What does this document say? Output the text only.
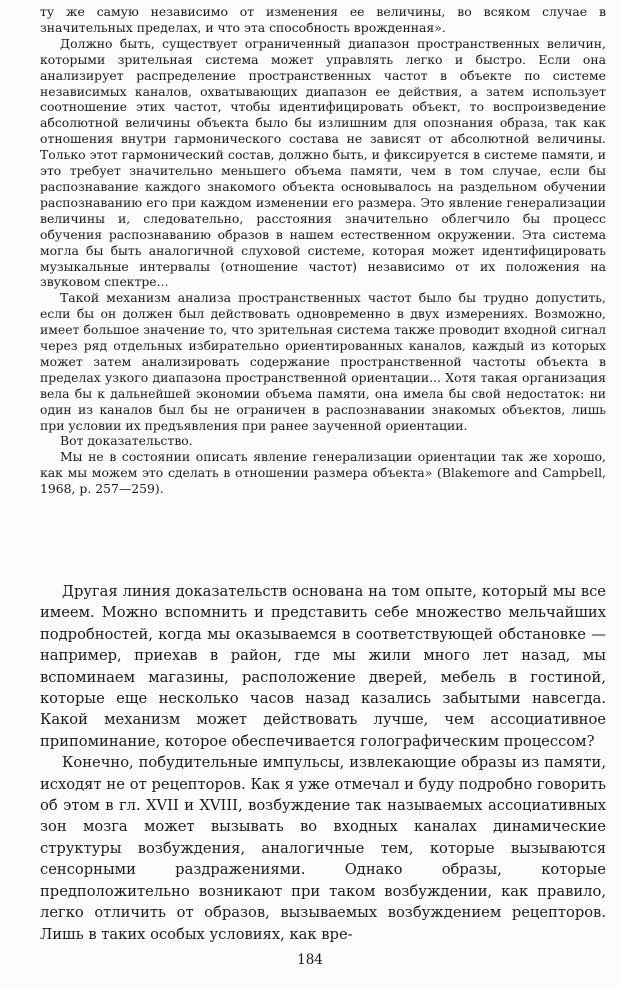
ту же самую независимо от изменения ее величины, во всяком случае в значительных пределах, и что эта способность врожденная».

Должно быть, существует ограниченный диапазон пространственных величин, которыми зрительная система может управлять легко и быстро. Если она анализирует распределение пространственных частот в объекте по системе независимых каналов, охватывающих диапазон ее действия, а затем использует соотношение этих частот, чтобы идентифицировать объект, то воспроизведение абсолютной величины объекта было бы излишним для опознания образа, так как отношения внутри гармонического состава не зависят от абсолютной величины. Только этот гармонический состав, должно быть, и фиксируется в системе памяти, и это требует значительно меньшего объема памяти, чем в том случае, если бы распознавание каждого знакомого объекта основывалось на раздельном обучении распознаванию его при каждом изменении его размера. Это явление генерализации величины и, следовательно, расстояния значительно облегчило бы процесс обучения распознаванию образов в нашем естественном окружении. Эта система могла бы быть аналогичной слуховой системе, которая может идентифицировать музыкальные интервалы (отношение частот) независимо от их положения на звуковом спектре...

Такой механизм анализа пространственных частот было бы трудно допустить, если бы он должен был действовать одновременно в двух измерениях. Возможно, имеет большое значение то, что зрительная система также проводит входной сигнал через ряд отдельных избирательно ориентированных каналов, каждый из которых может затем анализировать содержание пространственной частоты объекта в пределах узкого диапазона пространственной ориентации... Хотя такая организация вела бы к дальнейшей экономии объема памяти, она имела бы свой недостаток: ни один из каналов был бы не ограничен в распознавании знакомых объектов, лишь при условии их предъявления при ранее заученной ориентации.

Вот доказательство.

Мы не в состоянии описать явление генерализации ориентации так же хорошо, как мы можем это сделать в отношении размера объекта» (Blakemore and Campbell, 1968, p. 257—259).

Другая линия доказательств основана на том опыте, который мы все имеем. Можно вспомнить и представить себе множество мельчайших подробностей, когда мы оказываемся в соответствующей обстановке — например, приехав в район, где мы жили много лет назад, мы вспоминаем магазины, расположение дверей, мебель в гостиной, которые еще несколько часов назад казались забытыми навсегда. Какой механизм может действовать лучше, чем ассоциативное припоминание, которое обеспечивается голографическим процессом?

Конечно, побудительные импульсы, извлекающие образы из памяти, исходят не от рецепторов. Как я уже отмечал и буду подробно говорить об этом в гл. XVII и XVIII, возбуждение так называемых ассоциативных зон мозга может вызывать во входных каналах динамические структуры возбуждения, аналогичные тем, которые вызываются сенсорными раздражениями. Однако образы, которые предположительно возникают при таком возбуждении, как правило, легко отличить от образов, вызываемых возбуждением рецепторов. Лишь в таких особых условиях, как вре-

184
